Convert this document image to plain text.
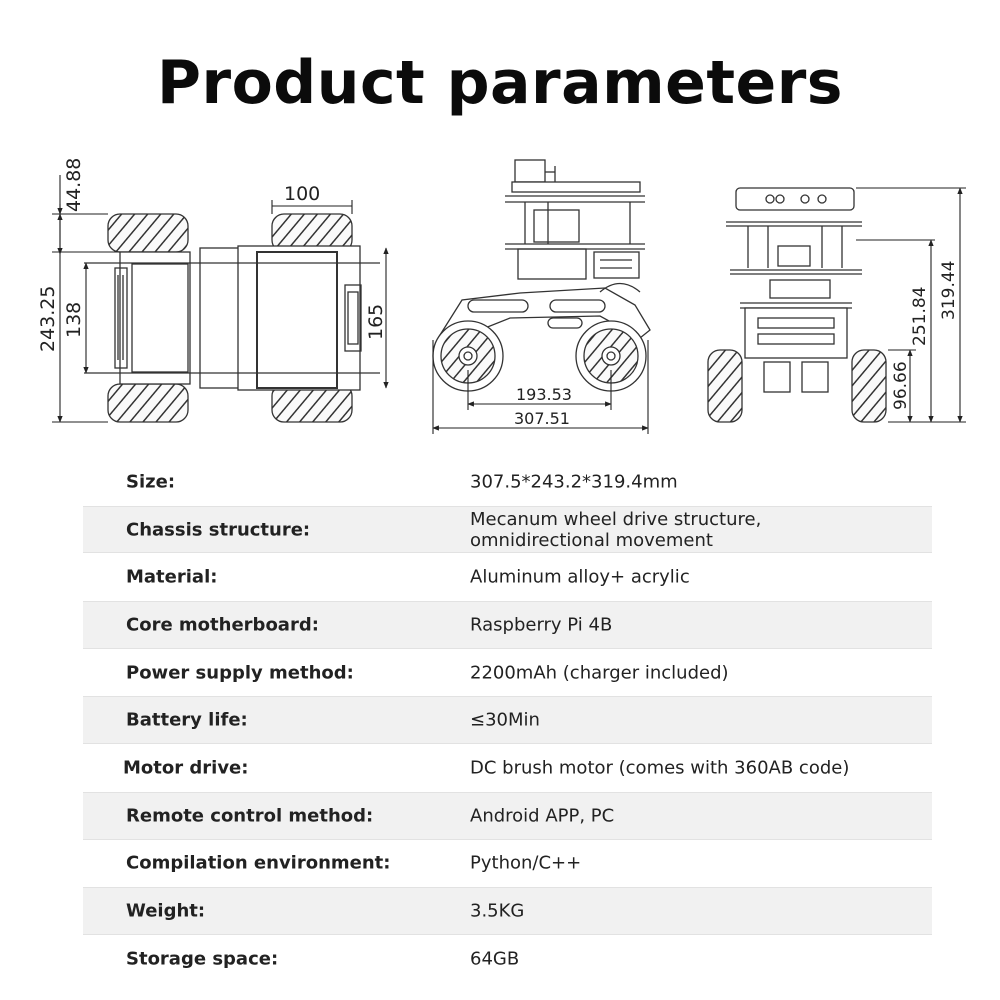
Product parameters
44.88	100
243.25 138	165
193.53
307.51
319.44
251.84
96.66
Size:	307.5*243.2*319.4mm
Chassis structure:	Mecanum wheel drive structure,
omnidirectional movement
Material:	Aluminum alloy+ acrylic
Core motherboard:	Raspberry Pi 4B
Power supply method:	2200mAh (charger included)
Battery life:	≤30Min
Motor drive:	DC brush motor (comes with 360AB code)
Remote control method:	Android APP, PC
Compilation environment:	Python/C++
Weight:	3.5KG
Storage space:	64GB
